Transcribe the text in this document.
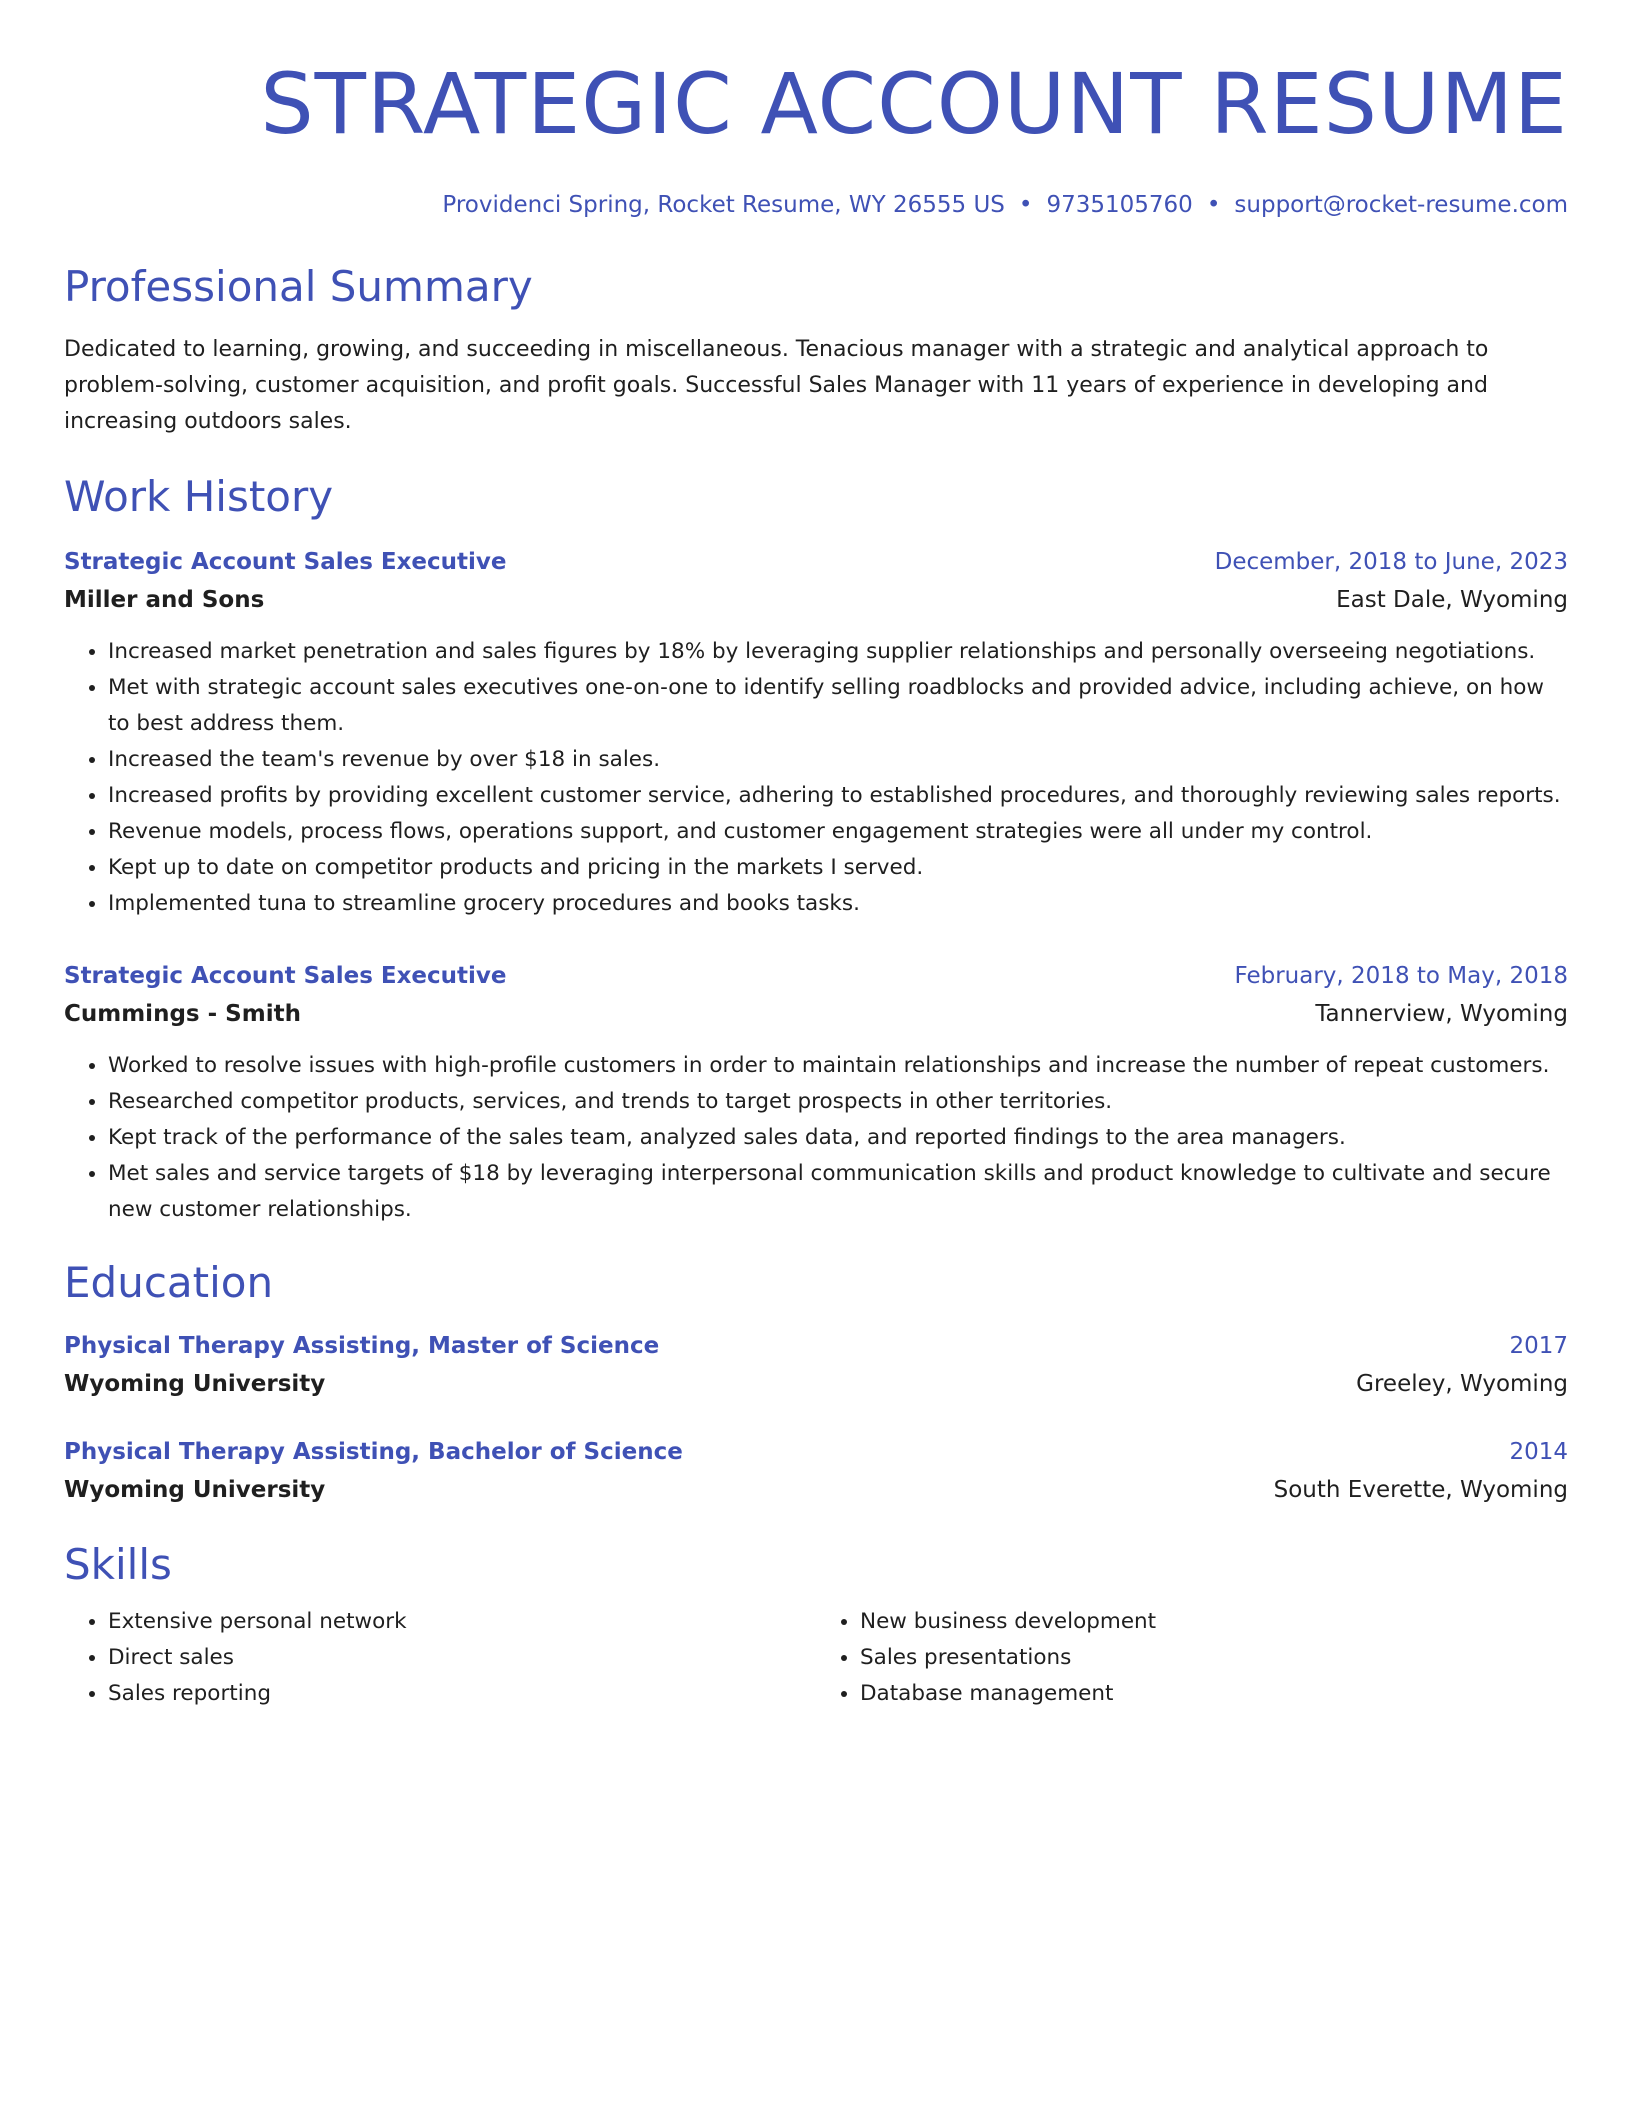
STRATEGIC ACCOUNT RESUME
Providenci Spring, Rocket Resume, WY 26555 US • 9735105760 • support@rocket-resume.com
Professional Summary

Dedicated to learning, growing, and succeeding in miscellaneous. Tenacious manager with a strategic and analytical approach to problem-solving, customer acquisition, and profit goals. Successful Sales Manager with 11 years of experience in developing and increasing outdoors sales.

Work History
Strategic Account Sales Executive	December, 2018 to June, 2023
Miller and Sons	East Dale, Wyoming
• Increased market penetration and sales figures by 18% by leveraging supplier relationships and personally overseeing negotiations.
• Met with strategic account sales executives one-on-one to identify selling roadblocks and provided advice, including achieve, on how to best address them.
• Increased the team's revenue by over $18 in sales.
• Increased profits by providing excellent customer service, adhering to established procedures, and thoroughly reviewing sales reports.
• Revenue models, process flows, operations support, and customer engagement strategies were all under my control.
• Kept up to date on competitor products and pricing in the markets I served.
• Implemented tuna to streamline grocery procedures and books tasks.
Strategic Account Sales Executive	February, 2018 to May, 2018
Cummings - Smith	Tannerview, Wyoming
• Worked to resolve issues with high-profile customers in order to maintain relationships and increase the number of repeat customers.
• Researched competitor products, services, and trends to target prospects in other territories.
• Kept track of the performance of the sales team, analyzed sales data, and reported findings to the area managers.
• Met sales and service targets of $18 by leveraging interpersonal communication skills and product knowledge to cultivate and secure new customer relationships.
Education
Physical Therapy Assisting, Master of Science	2017
Wyoming University	Greeley, Wyoming
Physical Therapy Assisting, Bachelor of Science	2014
Wyoming University	South Everette, Wyoming
Skills
• Extensive personal network
• Direct sales
• Sales reporting
• New business development
• Sales presentations
• Database management
